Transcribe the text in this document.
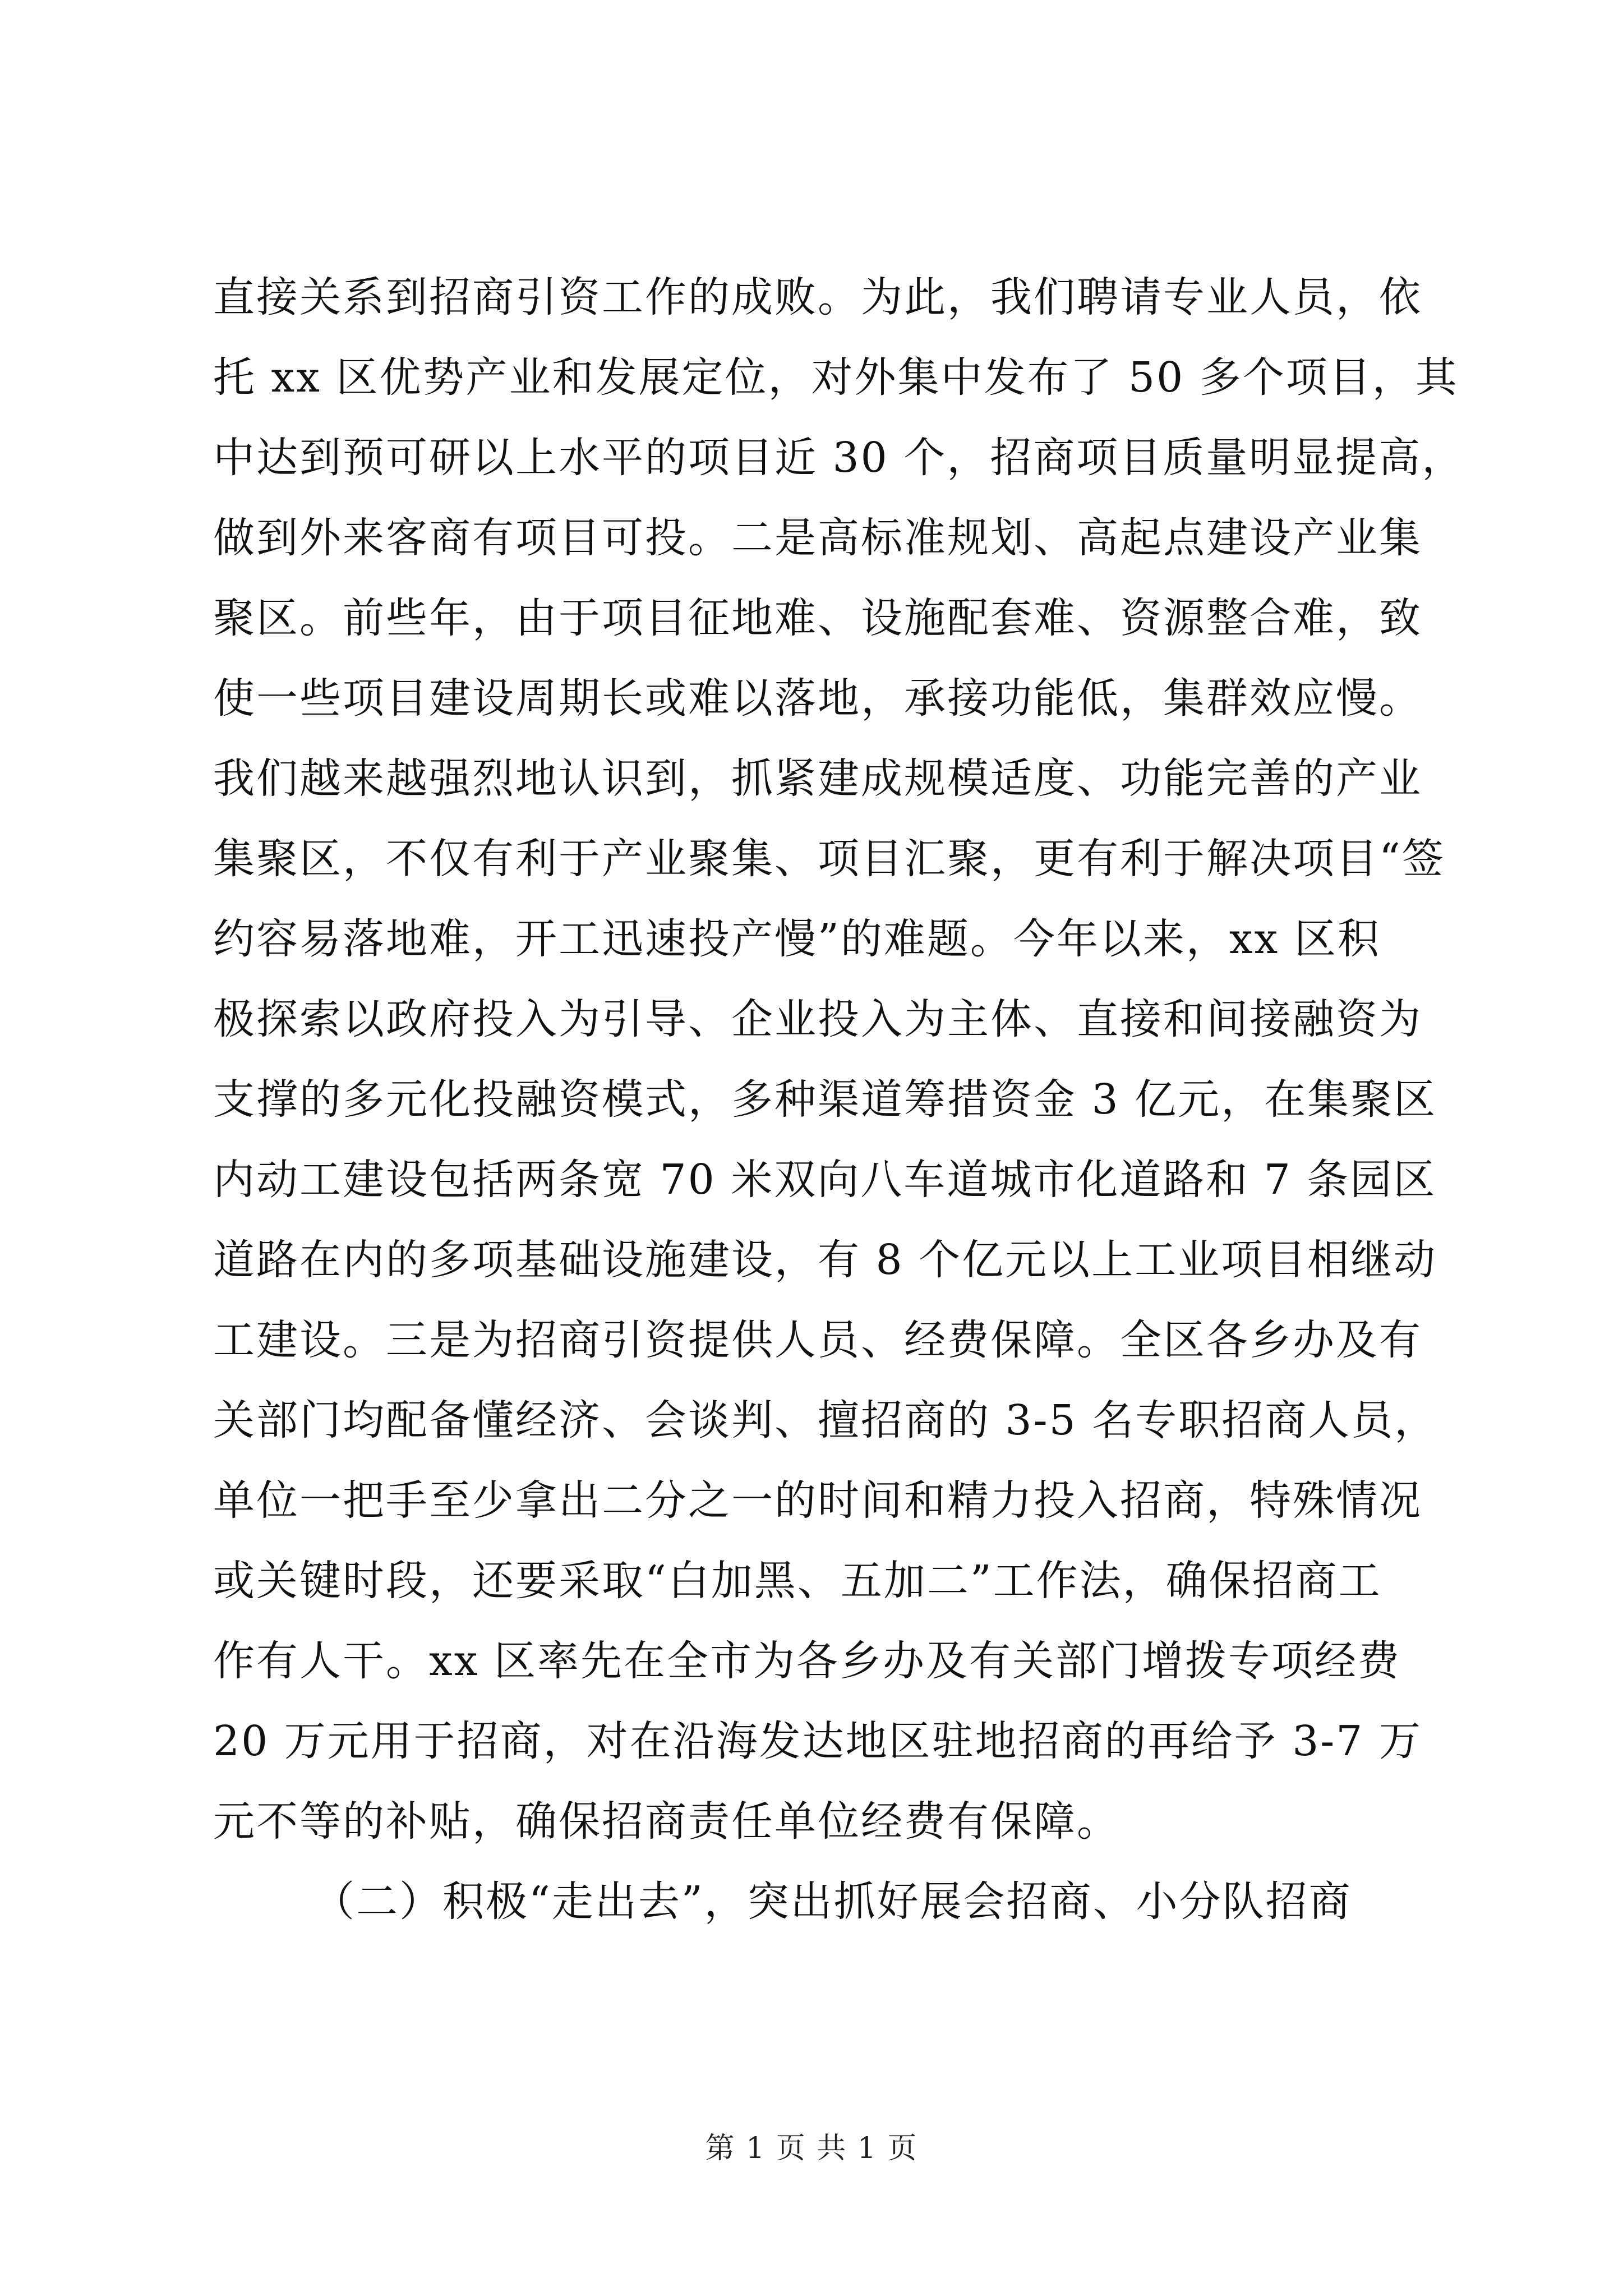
直接关系到招商引资工作的成败。为此，我们聘请专业人员，依
托 xx 区优势产业和发展定位，对外集中发布了 50 多个项目，其
中达到预可研以上水平的项目近 30 个，招商项目质量明显提高，
做到外来客商有项目可投。二是高标准规划、高起点建设产业集
聚区。前些年，由于项目征地难、设施配套难、资源整合难，致
使一些项目建设周期长或难以落地，承接功能低，集群效应慢。
我们越来越强烈地认识到，抓紧建成规模适度、功能完善的产业
集聚区，不仅有利于产业聚集、项目汇聚，更有利于解决项目“签
约容易落地难，开工迅速投产慢”的难题。今年以来，xx 区积
极探索以政府投入为引导、企业投入为主体、直接和间接融资为
支撑的多元化投融资模式，多种渠道筹措资金 3 亿元，在集聚区
内动工建设包括两条宽 70 米双向八车道城市化道路和 7 条园区
道路在内的多项基础设施建设，有 8 个亿元以上工业项目相继动
工建设。三是为招商引资提供人员、经费保障。全区各乡办及有
关部门均配备懂经济、会谈判、擅招商的 3-5 名专职招商人员，
单位一把手至少拿出二分之一的时间和精力投入招商，特殊情况
或关键时段，还要采取“白加黑、五加二”工作法，确保招商工
作有人干。xx 区率先在全市为各乡办及有关部门增拨专项经费
20 万元用于招商，对在沿海发达地区驻地招商的再给予 3-7 万
元不等的补贴，确保招商责任单位经费有保障。
（二）积极“走出去”，突出抓好展会招商、小分队招商
第 1 页 共 1 页
